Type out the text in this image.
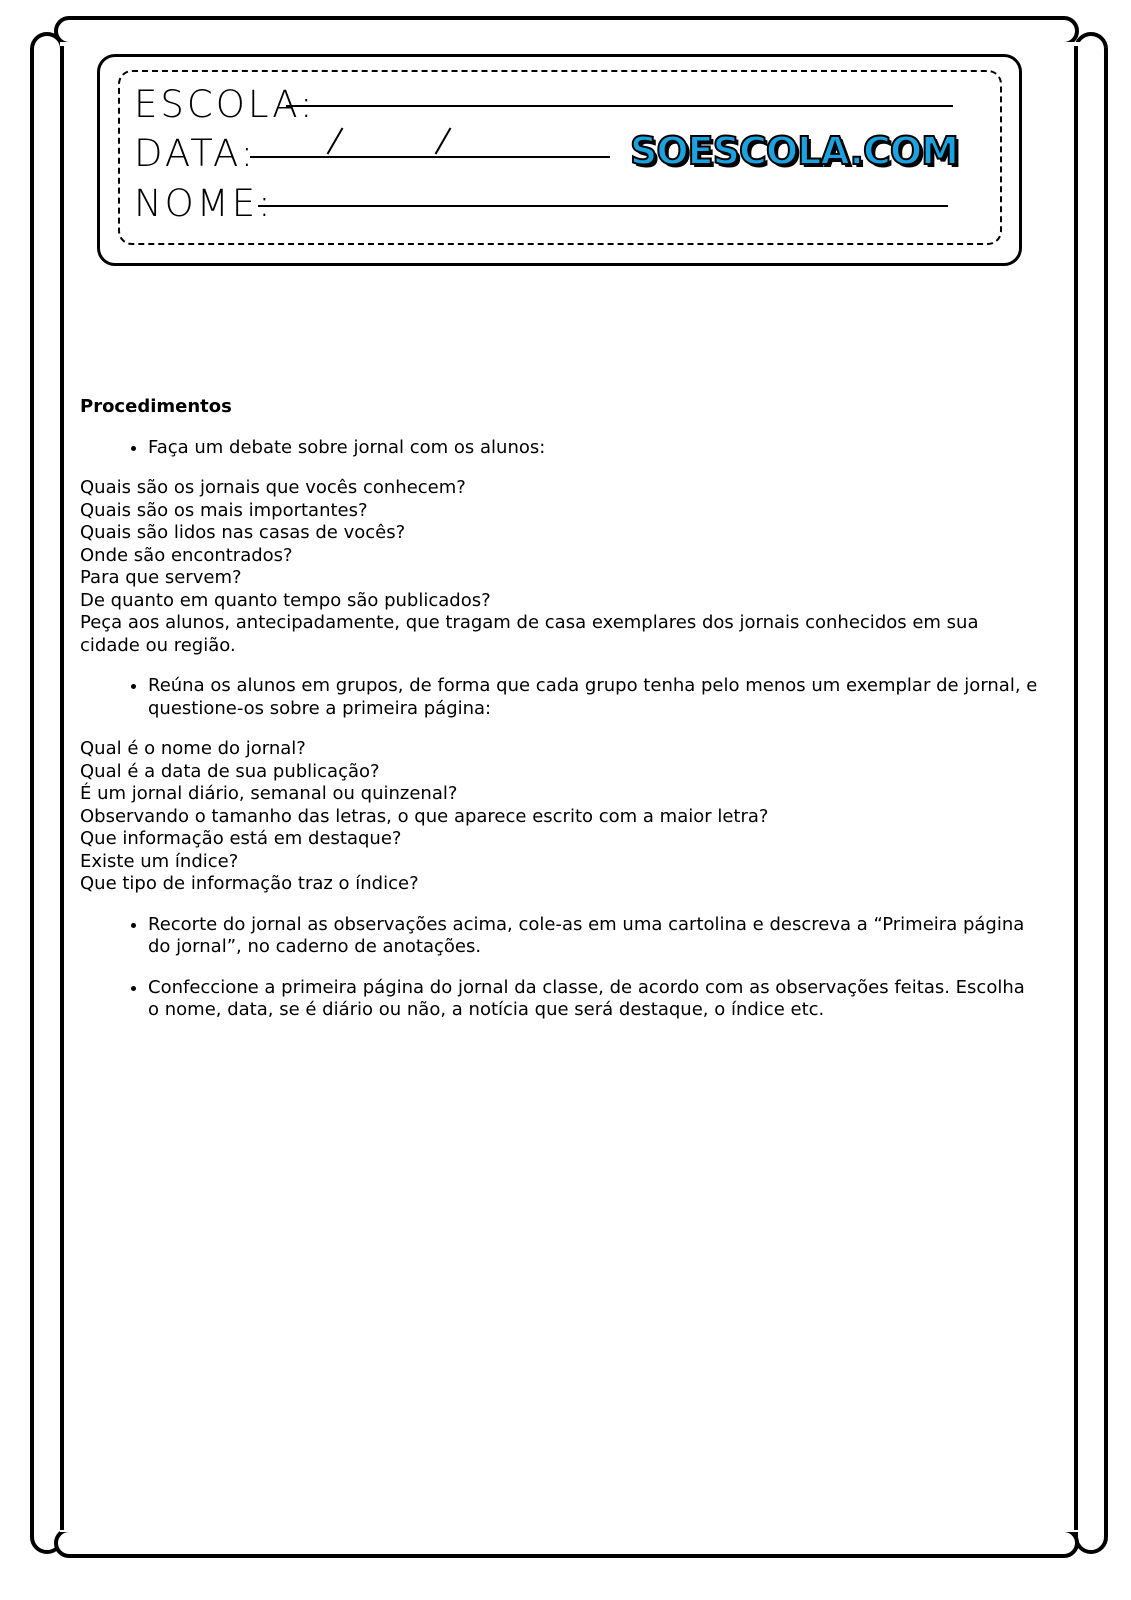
ESCOLA:
DATA:	SOESCOLA.COM
NOME:
Procedimentos
• Faça um debate sobre jornal com os alunos:

Quais são os jornais que vocês conhecem?
Quais são os mais importantes?
Quais são lidos nas casas de vocês?
Onde são encontrados?
Para que servem?
De quanto em quanto tempo são publicados?
Peça aos alunos, antecipadamente, que tragam de casa exemplares dos jornais conhecidos em sua cidade ou região.

• Reúna os alunos em grupos, de forma que cada grupo tenha pelo menos um exemplar de jornal, e questione-os sobre a primeira página:

Qual é o nome do jornal?
Qual é a data de sua publicação?
É um jornal diário, semanal ou quinzenal?
Observando o tamanho das letras, o que aparece escrito com a maior letra?
Que informação está em destaque?
Existe um índice?
Que tipo de informação traz o índice?

• Recorte do jornal as observações acima, cole-as em uma cartolina e descreva a “Primeira página do jornal”, no caderno de anotações.
• Confeccione a primeira página do jornal da classe, de acordo com as observações feitas. Escolha o nome, data, se é diário ou não, a notícia que será destaque, o índice etc.
